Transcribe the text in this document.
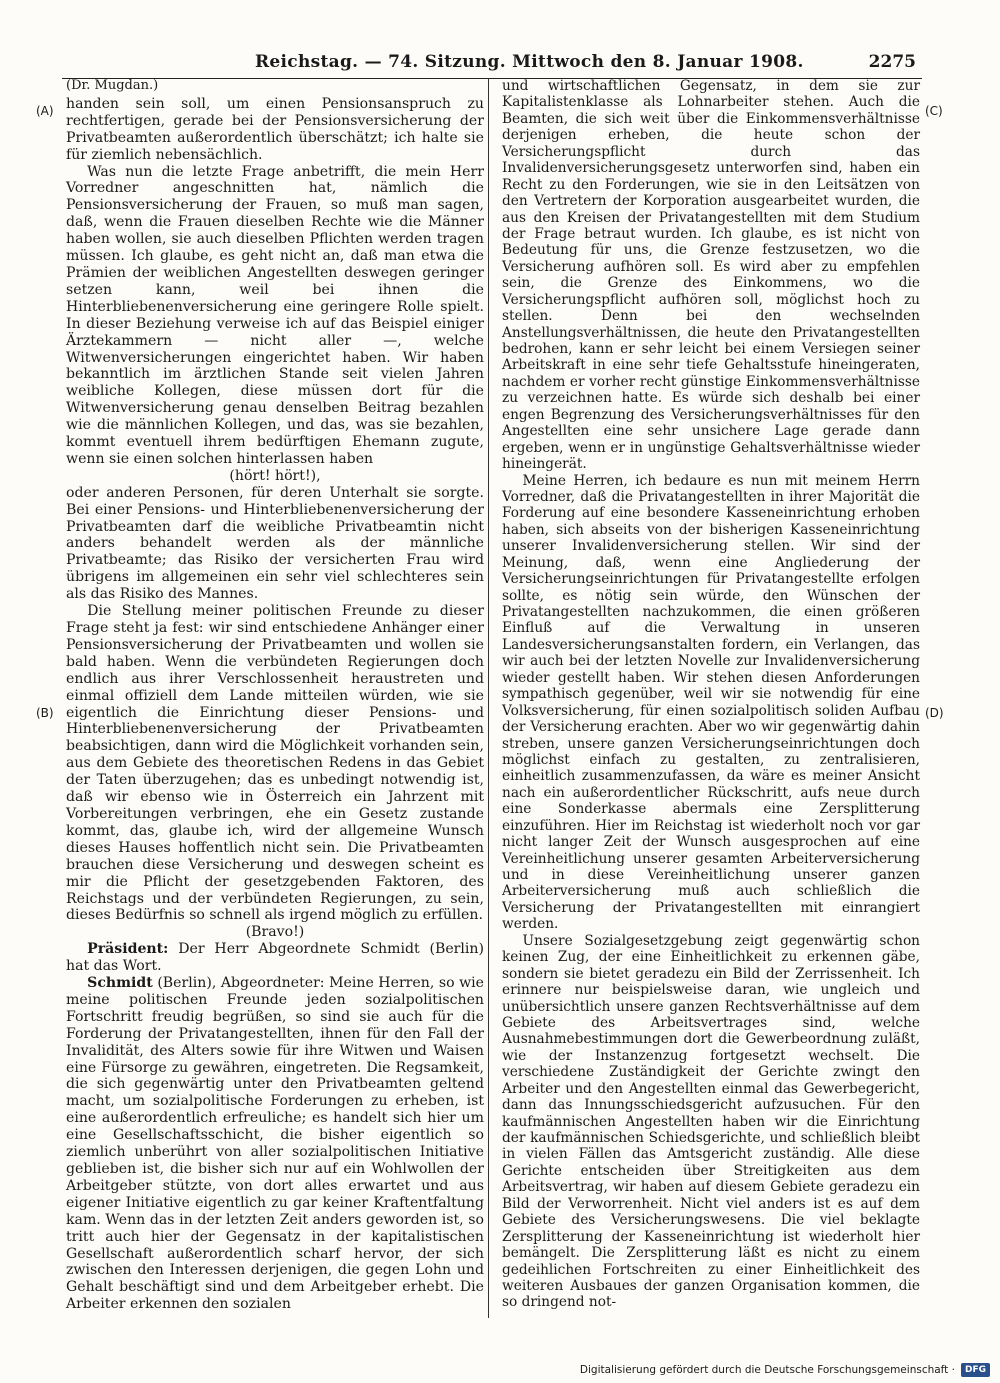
Reichstag. — 74. Sitzung. Mittwoch den 8. Januar 1908.	2275
(A)
(B)
(C)
(D)

(Dr. Mugdan.)

handen sein soll, um einen Pensionsanspruch zu rechtfertigen, gerade bei der Pensionsversicherung der Privatbeamten außerordentlich überschätzt; ich halte sie für ziemlich nebensächlich.

Was nun die letzte Frage anbetrifft, die mein Herr Vorredner angeschnitten hat, nämlich die Pensionsversicherung der Frauen, so muß man sagen, daß, wenn die Frauen dieselben Rechte wie die Männer haben wollen, sie auch dieselben Pflichten werden tragen müssen. Ich glaube, es geht nicht an, daß man etwa die Prämien der weiblichen Angestellten deswegen geringer setzen kann, weil bei ihnen die Hinterbliebenenversicherung eine geringere Rolle spielt. In dieser Beziehung verweise ich auf das Beispiel einiger Ärztekammern — nicht aller —, welche Witwenversicherungen eingerichtet haben. Wir haben bekanntlich im ärztlichen Stande seit vielen Jahren weibliche Kollegen, diese müssen dort für die Witwenversicherung genau denselben Beitrag bezahlen wie die männlichen Kollegen, und das, was sie bezahlen, kommt eventuell ihrem bedürftigen Ehemann zugute, wenn sie einen solchen hinterlassen haben

(hört! hört!),

oder anderen Personen, für deren Unterhalt sie sorgte. Bei einer Pensions- und Hinterbliebenenversicherung der Privatbeamten darf die weibliche Privatbeamtin nicht anders behandelt werden als der männliche Privatbeamte; das Risiko der versicherten Frau wird übrigens im allgemeinen ein sehr viel schlechteres sein als das Risiko des Mannes.

Die Stellung meiner politischen Freunde zu dieser Frage steht ja fest: wir sind entschiedene Anhänger einer Pensionsversicherung der Privatbeamten und wollen sie bald haben. Wenn die verbündeten Regierungen doch endlich aus ihrer Verschlossenheit heraustreten und einmal offiziell dem Lande mitteilen würden, wie sie eigentlich die Einrichtung dieser Pensions- und Hinterbliebenenversicherung der Privatbeamten beabsichtigen, dann wird die Möglichkeit vorhanden sein, aus dem Gebiete des theoretischen Redens in das Gebiet der Taten überzugehen; das es unbedingt notwendig ist, daß wir ebenso wie in Österreich ein Jahrzent mit Vorbereitungen verbringen, ehe ein Gesetz zustande kommt, das, glaube ich, wird der allgemeine Wunsch dieses Hauses hoffentlich nicht sein. Die Privatbeamten brauchen diese Versicherung und deswegen scheint es mir die Pflicht der gesetzgebenden Faktoren, des Reichstags und der verbündeten Regierungen, zu sein, dieses Bedürfnis so schnell als irgend möglich zu erfüllen.

(Bravo!)

Präsident: Der Herr Abgeordnete Schmidt (Berlin) hat das Wort.

Schmidt (Berlin), Abgeordneter: Meine Herren, so wie meine politischen Freunde jeden sozialpolitischen Fortschritt freudig begrüßen, so sind sie auch für die Forderung der Privatangestellten, ihnen für den Fall der Invalidität, des Alters sowie für ihre Witwen und Waisen eine Fürsorge zu gewähren, eingetreten. Die Regsamkeit, die sich gegenwärtig unter den Privatbeamten geltend macht, um sozialpolitische Forderungen zu erheben, ist eine außerordentlich erfreuliche; es handelt sich hier um eine Gesellschaftsschicht, die bisher eigentlich so ziemlich unberührt von aller sozialpolitischen Initiative geblieben ist, die bisher sich nur auf ein Wohlwollen der Arbeitgeber stützte, von dort alles erwartet und aus eigener Initiative eigentlich zu gar keiner Kraftentfaltung kam. Wenn das in der letzten Zeit anders geworden ist, so tritt auch hier der Gegensatz in der kapitalistischen Gesellschaft außerordentlich scharf hervor, der sich zwischen den Interessen derjenigen, die gegen Lohn und Gehalt beschäftigt sind und dem Arbeitgeber erhebt. Die Arbeiter erkennen den sozialen

und wirtschaftlichen Gegensatz, in dem sie zur Kapitalistenklasse als Lohnarbeiter stehen. Auch die Beamten, die sich weit über die Einkommensverhältnisse derjenigen erheben, die heute schon der Versicherungspflicht durch das Invalidenversicherungsgesetz unterworfen sind, haben ein Recht zu den Forderungen, wie sie in den Leitsätzen von den Vertretern der Korporation ausgearbeitet wurden, die aus den Kreisen der Privatangestellten mit dem Studium der Frage betraut wurden. Ich glaube, es ist nicht von Bedeutung für uns, die Grenze festzusetzen, wo die Versicherung aufhören soll. Es wird aber zu empfehlen sein, die Grenze des Einkommens, wo die Versicherungspflicht aufhören soll, möglichst hoch zu stellen. Denn bei den wechselnden Anstellungsverhältnissen, die heute den Privatangestellten bedrohen, kann er sehr leicht bei einem Versiegen seiner Arbeitskraft in eine sehr tiefe Gehaltsstufe hineingeraten, nachdem er vorher recht günstige Einkommensverhältnisse zu verzeichnen hatte. Es würde sich deshalb bei einer engen Begrenzung des Versicherungsverhältnisses für den Angestellten eine sehr unsichere Lage gerade dann ergeben, wenn er in ungünstige Gehaltsverhältnisse wieder hineingerät.

Meine Herren, ich bedaure es nun mit meinem Herrn Vorredner, daß die Privatangestellten in ihrer Majorität die Forderung auf eine besondere Kasseneinrichtung erhoben haben, sich abseits von der bisherigen Kasseneinrichtung unserer Invalidenversicherung stellen. Wir sind der Meinung, daß, wenn eine Angliederung der Versicherungseinrichtungen für Privatangestellte erfolgen sollte, es nötig sein würde, den Wünschen der Privatangestellten nachzukommen, die einen größeren Einfluß auf die Verwaltung in unseren Landesversicherungsanstalten fordern, ein Verlangen, das wir auch bei der letzten Novelle zur Invalidenversicherung wieder gestellt haben. Wir stehen diesen Anforderungen sympathisch gegenüber, weil wir sie notwendig für eine Volksversicherung, für einen sozialpolitisch soliden Aufbau der Versicherung erachten. Aber wo wir gegenwärtig dahin streben, unsere ganzen Versicherungseinrichtungen doch möglichst einfach zu gestalten, zu zentralisieren, einheitlich zusammenzufassen, da wäre es meiner Ansicht nach ein außerordentlicher Rückschritt, aufs neue durch eine Sonderkasse abermals eine Zersplitterung einzuführen. Hier im Reichstag ist wiederholt noch vor gar nicht langer Zeit der Wunsch ausgesprochen auf eine Vereinheitlichung unserer gesamten Arbeiterversicherung und in diese Vereinheitlichung unserer ganzen Arbeiterversicherung muß auch schließlich die Versicherung der Privatangestellten mit einrangiert werden.

Unsere Sozialgesetzgebung zeigt gegenwärtig schon keinen Zug, der eine Einheitlichkeit zu erkennen gäbe, sondern sie bietet geradezu ein Bild der Zerrissenheit. Ich erinnere nur beispielsweise daran, wie ungleich und unübersichtlich unsere ganzen Rechtsverhältnisse auf dem Gebiete des Arbeitsvertrages sind, welche Ausnahmebestimmungen dort die Gewerbeordnung zuläßt, wie der Instanzenzug fortgesetzt wechselt. Die verschiedene Zuständigkeit der Gerichte zwingt den Arbeiter und den Angestellten einmal das Gewerbegericht, dann das Innungsschiedsgericht aufzusuchen. Für den kaufmännischen Angestellten haben wir die Einrichtung der kaufmännischen Schiedsgerichte, und schließlich bleibt in vielen Fällen das Amtsgericht zuständig. Alle diese Gerichte entscheiden über Streitigkeiten aus dem Arbeitsvertrag, wir haben auf diesem Gebiete geradezu ein Bild der Verworrenheit. Nicht viel anders ist es auf dem Gebiete des Versicherungswesens. Die viel beklagte Zersplitterung der Kasseneinrichtung ist wiederholt hier bemängelt. Die Zersplitterung läßt es nicht zu einem gedeihlichen Fortschreiten zu einer Einheitlichkeit des weiteren Ausbaues der ganzen Organisation kommen, die so dringend not-

Digitalisierung gefördert durch die Deutsche Forschungsgemeinschaft ·	DFG
